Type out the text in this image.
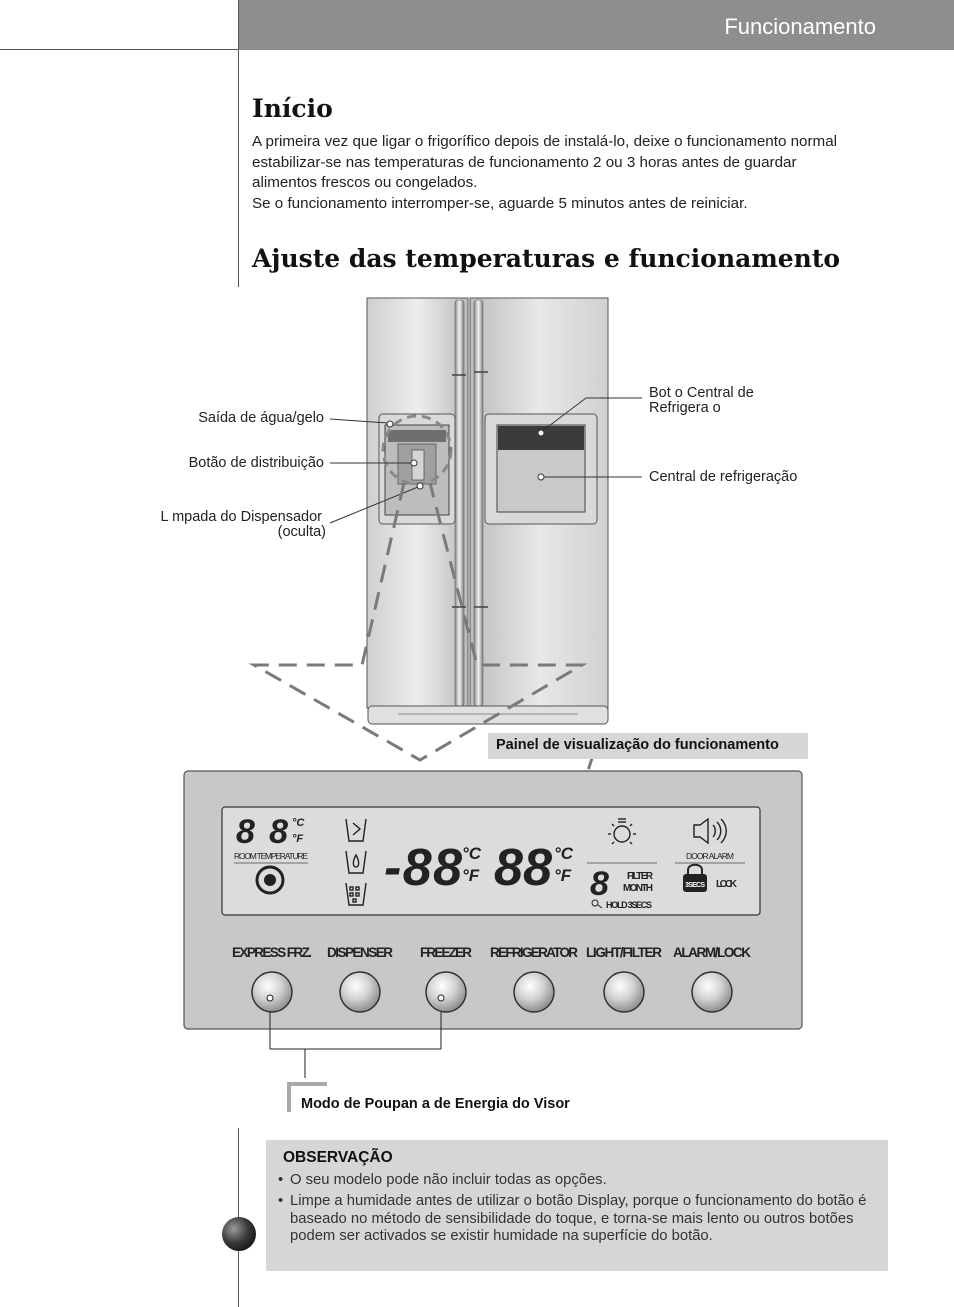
Funcionamento
Início

A primeira vez que ligar o frigorífico depois de instalá-lo, deixe o funcionamento normal estabilizar-se nas temperaturas de funcionamento 2 ou 3 horas antes de guardar alimentos frescos ou congelados.

Se o funcionamento interromper-se, aguarde 5 minutos antes de reiniciar.

Ajuste das temperaturas e funcionamento
Saída de água/gelo
Botão de distribuição
L mpada do Dispensador
(oculta)
Bot o Central de
Refrigera o
Central de refrigeração
Painel de visualização do funcionamento
88 °C
°F
ROOM TEMPERATURE -88 °C
°F 88 °C
°F 8 FILTER
MONTH
HOLD 3SECS
DOOR ALARM
3SECS LOCK
EXPRESS FRZ. DISPENSER FREEZER REFRIGERATOR LIGHT/FILTER ALARM/LOCK
Modo de Poupan a de Energia do Visor
OBSERVAÇÃO
• O seu modelo pode não incluir todas as opções.
• Limpe a humidade antes de utilizar o botão Display, porque o funcionamento do botão é baseado no método de sensibilidade do toque, e torna-se mais lento ou outros botões podem ser activados se existir humidade na superfície do botão.
